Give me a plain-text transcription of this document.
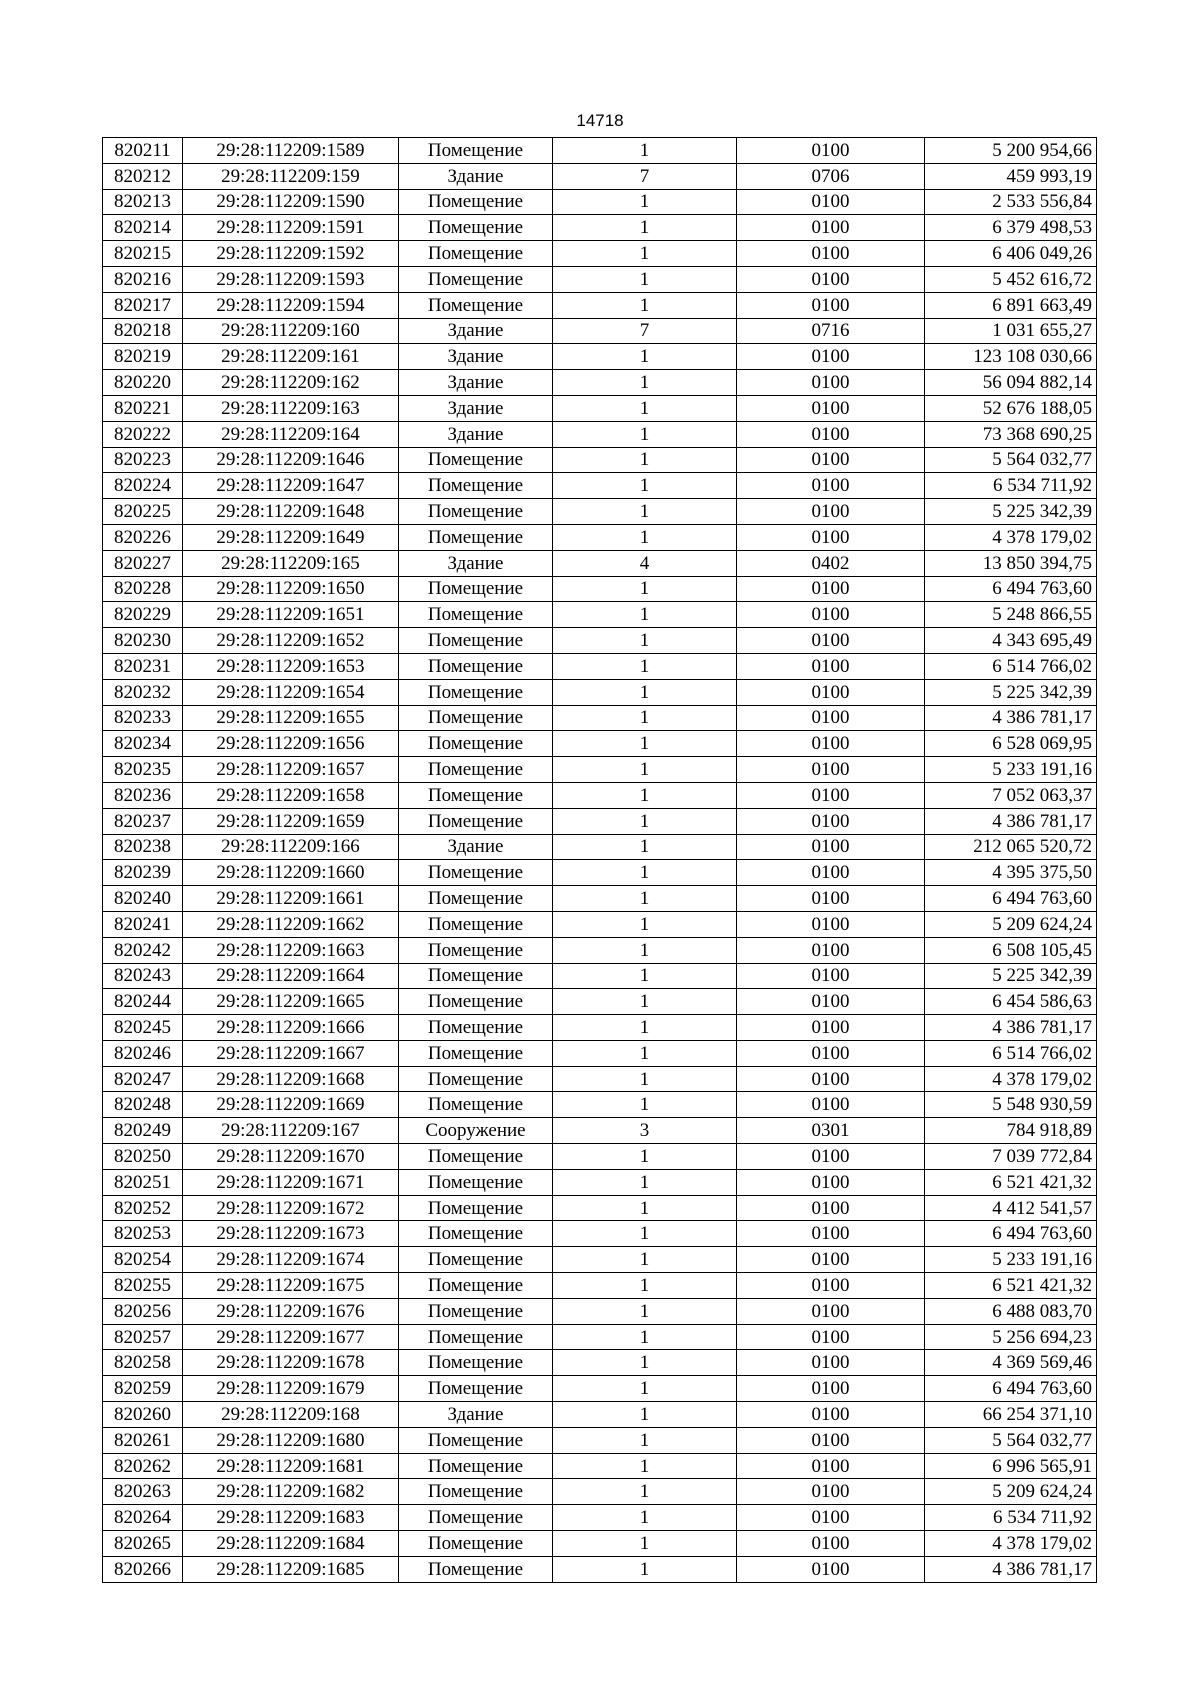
14718
820211	29:28:112209:1589	Помещение	1	0100	5 200 954,66
820212	29:28:112209:159	Здание	7	0706	459 993,19
820213	29:28:112209:1590	Помещение	1	0100	2 533 556,84
820214	29:28:112209:1591	Помещение	1	0100	6 379 498,53
820215	29:28:112209:1592	Помещение	1	0100	6 406 049,26
820216	29:28:112209:1593	Помещение	1	0100	5 452 616,72
820217	29:28:112209:1594	Помещение	1	0100	6 891 663,49
820218	29:28:112209:160	Здание	7	0716	1 031 655,27
820219	29:28:112209:161	Здание	1	0100	123 108 030,66
820220	29:28:112209:162	Здание	1	0100	56 094 882,14
820221	29:28:112209:163	Здание	1	0100	52 676 188,05
820222	29:28:112209:164	Здание	1	0100	73 368 690,25
820223	29:28:112209:1646	Помещение	1	0100	5 564 032,77
820224	29:28:112209:1647	Помещение	1	0100	6 534 711,92
820225	29:28:112209:1648	Помещение	1	0100	5 225 342,39
820226	29:28:112209:1649	Помещение	1	0100	4 378 179,02
820227	29:28:112209:165	Здание	4	0402	13 850 394,75
820228	29:28:112209:1650	Помещение	1	0100	6 494 763,60
820229	29:28:112209:1651	Помещение	1	0100	5 248 866,55
820230	29:28:112209:1652	Помещение	1	0100	4 343 695,49
820231	29:28:112209:1653	Помещение	1	0100	6 514 766,02
820232	29:28:112209:1654	Помещение	1	0100	5 225 342,39
820233	29:28:112209:1655	Помещение	1	0100	4 386 781,17
820234	29:28:112209:1656	Помещение	1	0100	6 528 069,95
820235	29:28:112209:1657	Помещение	1	0100	5 233 191,16
820236	29:28:112209:1658	Помещение	1	0100	7 052 063,37
820237	29:28:112209:1659	Помещение	1	0100	4 386 781,17
820238	29:28:112209:166	Здание	1	0100	212 065 520,72
820239	29:28:112209:1660	Помещение	1	0100	4 395 375,50
820240	29:28:112209:1661	Помещение	1	0100	6 494 763,60
820241	29:28:112209:1662	Помещение	1	0100	5 209 624,24
820242	29:28:112209:1663	Помещение	1	0100	6 508 105,45
820243	29:28:112209:1664	Помещение	1	0100	5 225 342,39
820244	29:28:112209:1665	Помещение	1	0100	6 454 586,63
820245	29:28:112209:1666	Помещение	1	0100	4 386 781,17
820246	29:28:112209:1667	Помещение	1	0100	6 514 766,02
820247	29:28:112209:1668	Помещение	1	0100	4 378 179,02
820248	29:28:112209:1669	Помещение	1	0100	5 548 930,59
820249	29:28:112209:167	Сооружение	3	0301	784 918,89
820250	29:28:112209:1670	Помещение	1	0100	7 039 772,84
820251	29:28:112209:1671	Помещение	1	0100	6 521 421,32
820252	29:28:112209:1672	Помещение	1	0100	4 412 541,57
820253	29:28:112209:1673	Помещение	1	0100	6 494 763,60
820254	29:28:112209:1674	Помещение	1	0100	5 233 191,16
820255	29:28:112209:1675	Помещение	1	0100	6 521 421,32
820256	29:28:112209:1676	Помещение	1	0100	6 488 083,70
820257	29:28:112209:1677	Помещение	1	0100	5 256 694,23
820258	29:28:112209:1678	Помещение	1	0100	4 369 569,46
820259	29:28:112209:1679	Помещение	1	0100	6 494 763,60
820260	29:28:112209:168	Здание	1	0100	66 254 371,10
820261	29:28:112209:1680	Помещение	1	0100	5 564 032,77
820262	29:28:112209:1681	Помещение	1	0100	6 996 565,91
820263	29:28:112209:1682	Помещение	1	0100	5 209 624,24
820264	29:28:112209:1683	Помещение	1	0100	6 534 711,92
820265	29:28:112209:1684	Помещение	1	0100	4 378 179,02
820266	29:28:112209:1685	Помещение	1	0100	4 386 781,17
